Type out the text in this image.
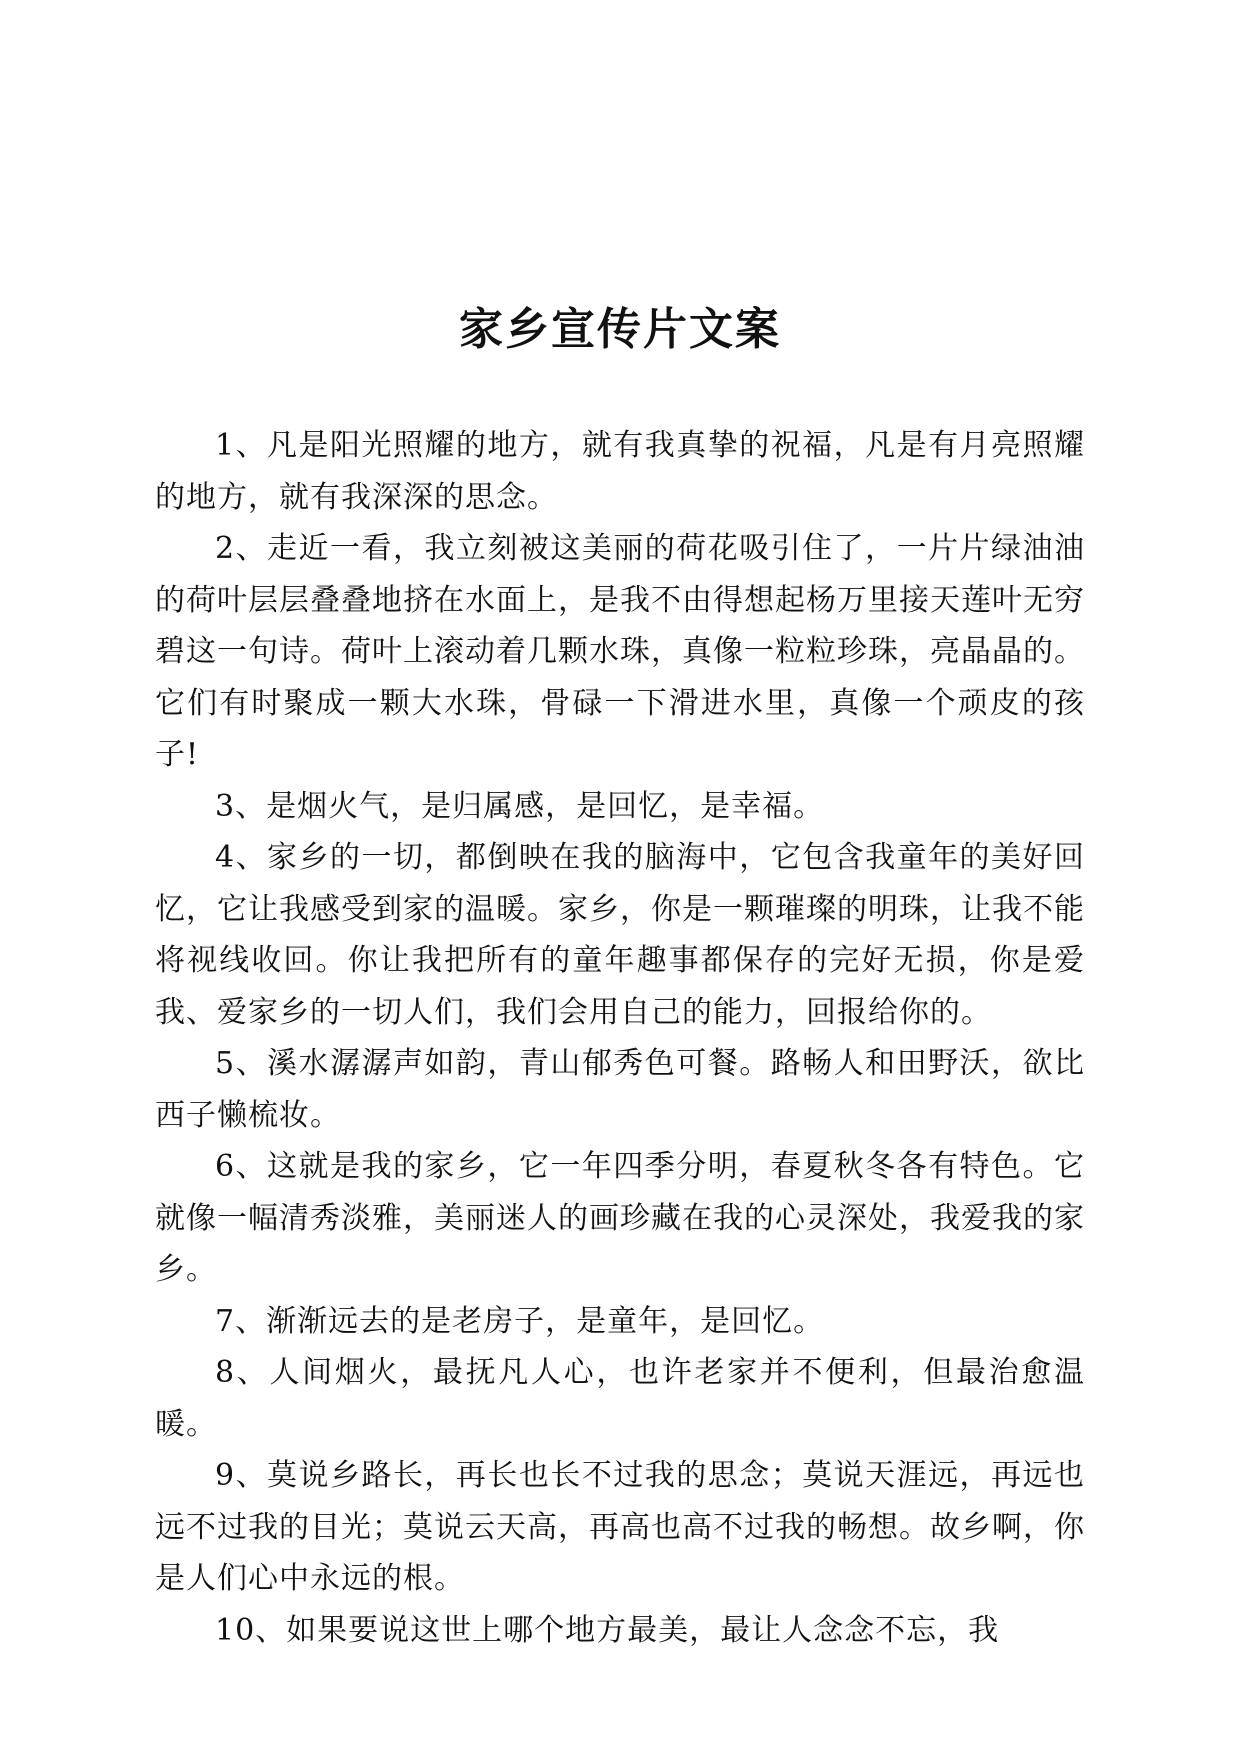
家乡宣传片文案

1、凡是阳光照耀的地方，就有我真挚的祝福，凡是有月亮照耀的地方，就有我深深的思念。

2、走近一看，我立刻被这美丽的荷花吸引住了，一片片绿油油的荷叶层层叠叠地挤在水面上，是我不由得想起杨万里接天莲叶无穷碧这一句诗。荷叶上滚动着几颗水珠，真像一粒粒珍珠，亮晶晶的。它们有时聚成一颗大水珠，骨碌一下滑进水里，真像一个顽皮的孩子!

3、是烟火气，是归属感，是回忆，是幸福。

4、家乡的一切，都倒映在我的脑海中，它包含我童年的美好回忆，它让我感受到家的温暖。家乡，你是一颗璀璨的明珠，让我不能将视线收回。你让我把所有的童年趣事都保存的完好无损，你是爱我、爱家乡的一切人们，我们会用自己的能力，回报给你的。

5、溪水潺潺声如韵，青山郁秀色可餐。路畅人和田野沃，欲比西子懒梳妆。

6、这就是我的家乡，它一年四季分明，春夏秋冬各有特色。它就像一幅清秀淡雅，美丽迷人的画珍藏在我的心灵深处，我爱我的家乡。

7、渐渐远去的是老房子，是童年，是回忆。

8、人间烟火，最抚凡人心，也许老家并不便利，但最治愈温暖。

9、莫说乡路长，再长也长不过我的思念；莫说天涯远，再远也远不过我的目光；莫说云天高，再高也高不过我的畅想。故乡啊，你是人们心中永远的根。

10、如果要说这世上哪个地方最美，最让人念念不忘，我
